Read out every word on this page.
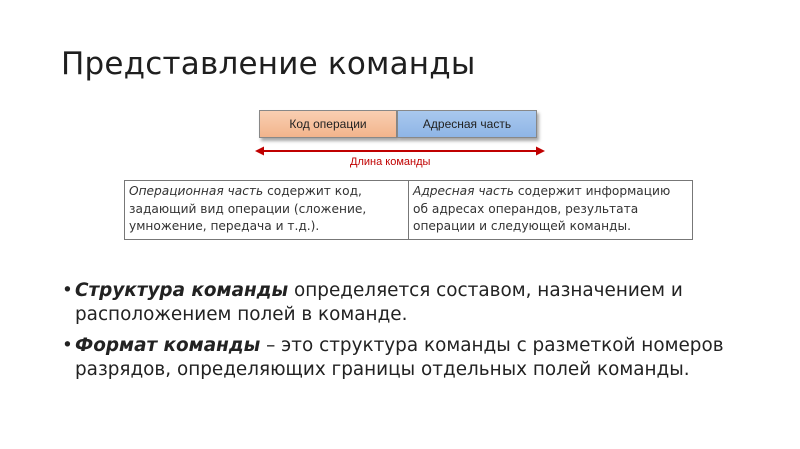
Представление команды
Код операции	Адресная часть
Длина команды
Операционная часть содержит код, задающий вид операции (сложение, умножение, передача и т.д.).	Адресная часть содержит информацию об адресах операндов, результата операции и следующей команды.
• Структура команды определяется составом, назначением и расположением полей в команде.
• Формат команды – это структура команды с разметкой номеров разрядов, определяющих границы отдельных полей команды.
